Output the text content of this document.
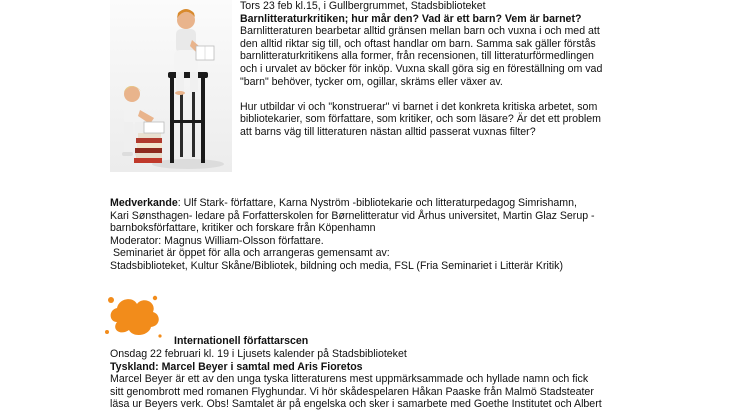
Tors 23 feb kl.15, i Gullbergrummet, Stadsbiblioteket

Barnlitteraturkritiken; hur mår den? Vad är ett barn? Vem är barnet?

Barnlitteraturen bearbetar alltid gränsen mellan barn och vuxna i och med att

den alltid riktar sig till, och oftast handlar om barn. Samma sak gäller förstås

barnlitteraturkritikens alla former, från recensionen, till litteraturförmedlingen

och i urvalet av böcker för inköp. Vuxna skall göra sig en föreställning om vad

"barn" behöver, tycker om, ogillar, skräms eller växer av.

Hur utbildar vi och "konstruerar" vi barnet i det konkreta kritiska arbetet, som

bibliotekarier, som författare, som kritiker, och som läsare? Är det ett problem

att barns väg till litteraturen nästan alltid passerat vuxnas filter?

Medverkande: Ulf Stark- författare, Karna Nyström -bibliotekarie och litteraturpedagog Simrishamn,

Kari Sønsthagen- ledare på Forfatterskolen for Børnelitteratur vid Århus universitet, Martin Glaz Serup -

barnboksförfattare, kritiker och forskare från Köpenhamn

Moderator: Magnus William-Olsson författare.

Seminariet är öppet för alla och arrangeras gemensamt av:

Stadsbiblioteket, Kultur Skåne/Bibliotek, bildning och media, FSL (Fria Seminariet i Litterär Kritik)

Internationell författarscen

Onsdag 22 februari kl. 19 i Ljusets kalender på Stadsbiblioteket

Tyskland: Marcel Beyer i samtal med Aris Fioretos

Marcel Beyer är ett av den unga tyska litteraturens mest uppmärksammade och hyllade namn och fick

sitt genombrott med romanen Flyghundar. Vi hör skådespelaren Håkan Paaske från Malmö Stadsteater

läsa ur Beyers verk. Obs! Samtalet är på engelska och sker i samarbete med Goethe Institutet och Albert
